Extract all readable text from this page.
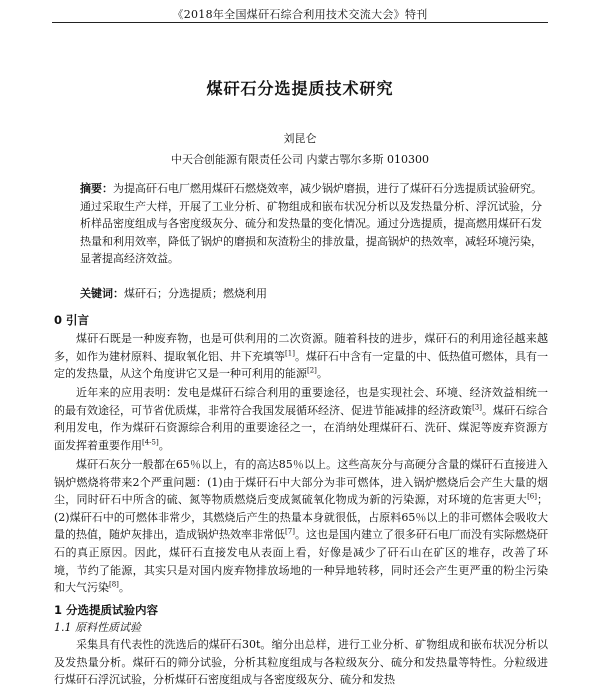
《2018年全国煤矸石综合利用技术交流大会》特刊
煤矸石分选提质技术研究
刘昆仑
中天合创能源有限责任公司 内蒙古鄂尔多斯 010300
摘要：为提高矸石电厂燃用煤矸石燃烧效率，减少锅炉磨损，进行了煤矸石分选提质试验研究。通过采取生产大样，开展了工业分析、矿物组成和嵌布状况分析以及发热量分析、浮沉试验，分析样品密度组成与各密度级灰分、硫分和发热量的变化情况。通过分选提质，提高燃用煤矸石发热量和利用效率，降低了锅炉的磨损和灰渣粉尘的排放量，提高锅炉的热效率，减轻环境污染，显著提高经济效益。
关键词：煤矸石；分选提质；燃烧利用
0 引言
煤矸石既是一种废弃物，也是可供利用的二次资源。随着科技的进步，煤矸石的利用途径越来越多，如作为建材原料、提取氧化铝、井下充填等[1]。煤矸石中含有一定量的中、低热值可燃体，具有一定的发热量，从这个角度讲它又是一种可利用的能源[2]。
近年来的应用表明：发电是煤矸石综合利用的重要途径，也是实现社会、环境、经济效益相统一的最有效途径，可节省优质煤，非常符合我国发展循环经济、促进节能减排的经济政策[3]。煤矸石综合利用发电，作为煤矸石资源综合利用的重要途径之一，在消纳处理煤矸石、洗矸、煤泥等废弃资源方面发挥着重要作用[4-5]。
煤矸石灰分一般都在65％以上，有的高达85％以上。这些高灰分与高硬分含量的煤矸石直接进入锅炉燃烧将带来2个严重问题：(1)由于煤矸石中大部分为非可燃体，进入锅炉燃烧后会产生大量的烟尘，同时矸石中所含的硫、氮等物质燃烧后变成氮硫氧化物成为新的污染源，对环境的危害更大[6]；(2)煤矸石中的可燃体非常少，其燃烧后产生的热量本身就很低，占原料65％以上的非可燃体会吸收大量的热值，随炉灰排出，造成锅炉热效率非常低[7]。这也是国内建立了很多矸石电厂而没有实际燃烧矸石的真正原因。因此，煤矸石直接发电从表面上看，好像是减少了矸石山在矿区的堆存，改善了环境，节约了能源，其实只是对国内废弃物排放场地的一种异地转移，同时还会产生更严重的粉尘污染和大气污染[8]。
1 分选提质试验内容
1.1 原料性质试验
采集具有代表性的洗选后的煤矸石30t。缩分出总样，进行工业分析、矿物组成和嵌布状况分析以及发热量分析。煤矸石的筛分试验，分析其粒度组成与各粒级灰分、硫分和发热量等特性。分粒级进行煤矸石浮沉试验，分析煤矸石密度组成与各密度级灰分、硫分和发热
